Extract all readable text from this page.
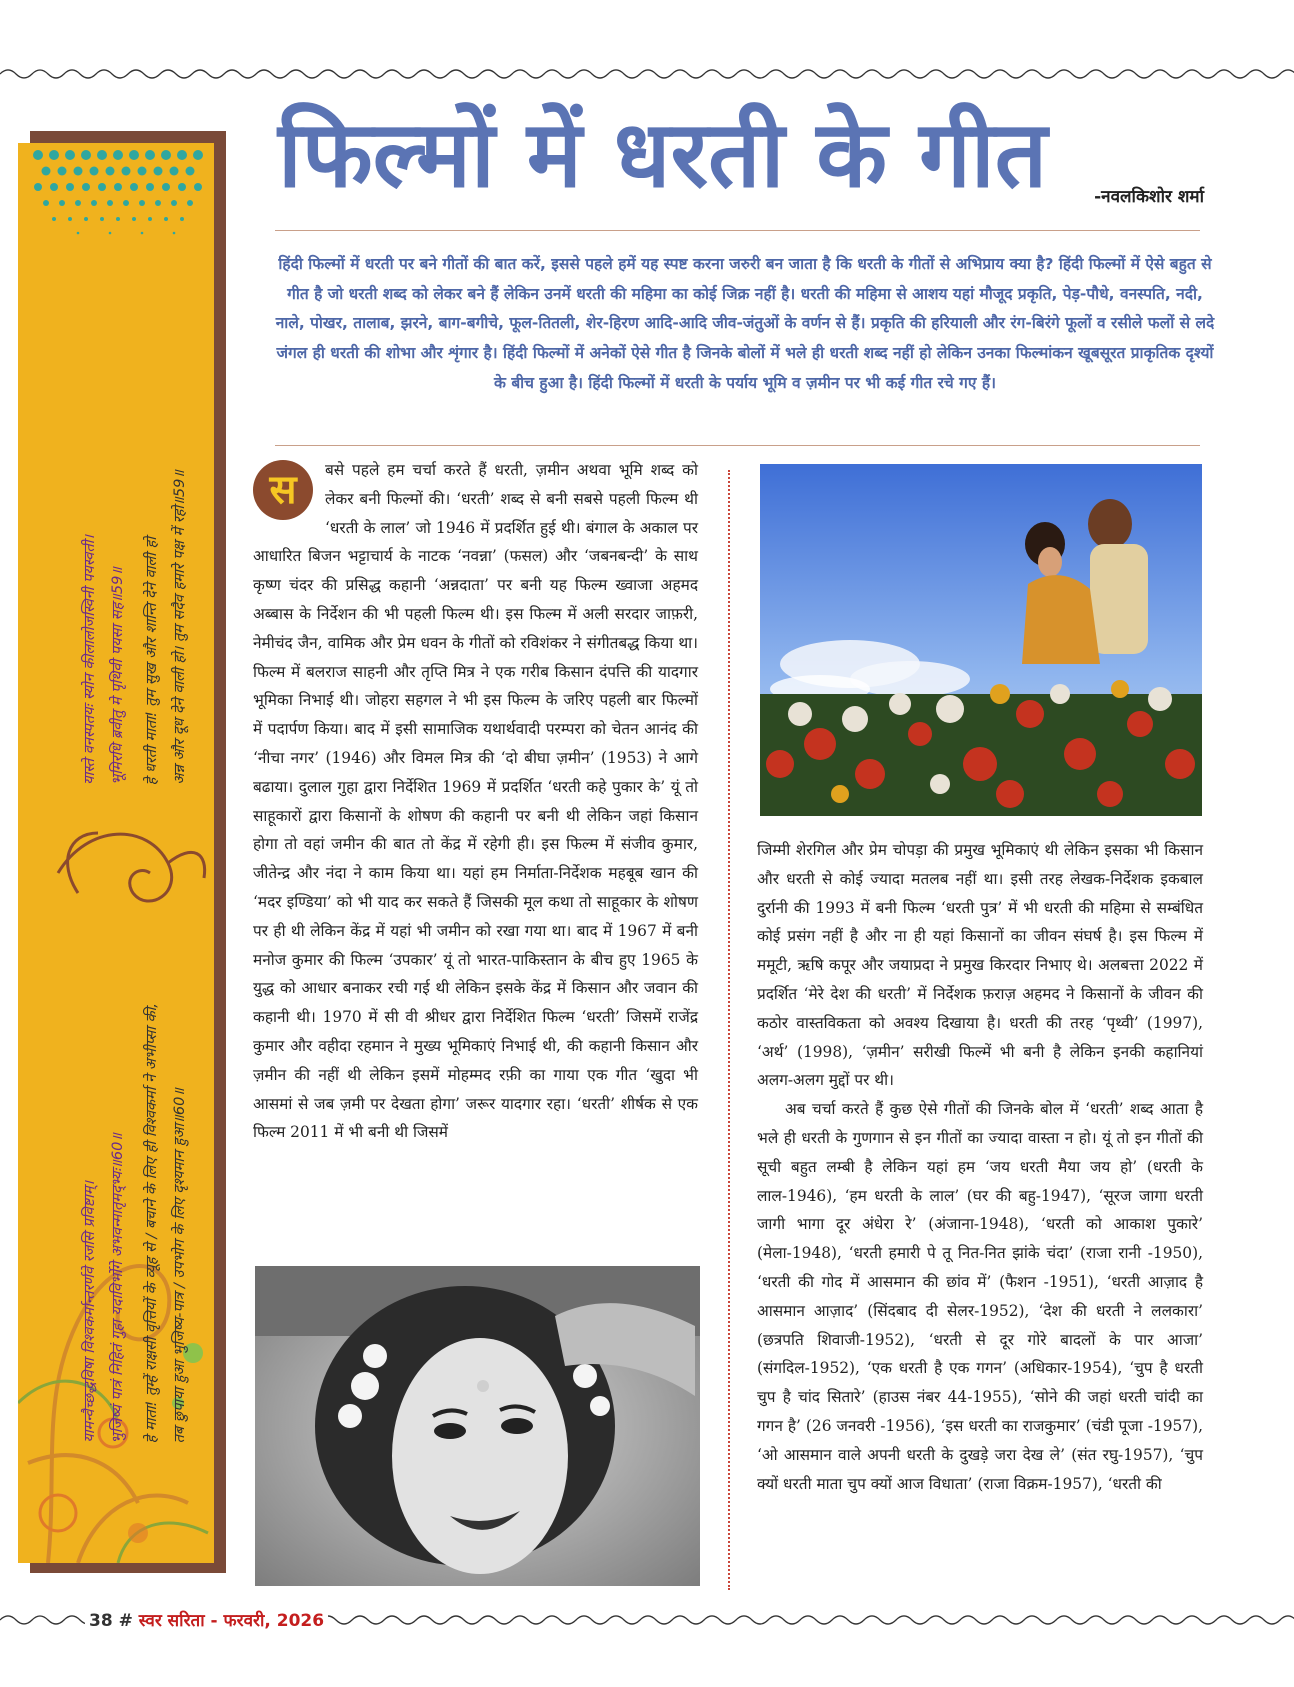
यास्ते वनस्पतयः स्योन कीलालोजस्विनी पयस्वती। भूमिरधि ब्रवीतु मे पृथिवी पयसा सह॥59॥ हे धरती माता! तुम सुख और शान्ति देने वाली हो अन्न और दूध देने वाली हो। तुम सदैव हमारे पक्ष में रहो॥59॥
यामन्वैच्छद्धविषा विश्वकर्मान्तरर्णवे रजसि प्रविष्टाम्। भुजिष्यं पात्रं निहितं गुहा यदाविर्भोगे अभवन्मातृमद्भ्यः॥60॥ हे माता! तुम्हें राक्षसी वृत्तियों के व्यूह से / बचाने के लिए ही विश्वकर्मा ने अभीप्सा की, तब छुपाया हुआ भुजिष्य-पात्र / उपभोग के लिए दृश्यमान हुआ॥60॥
फिल्मों में धरती के गीत	-नवलकिशोर शर्मा

हिंदी फिल्मों में धरती पर बने गीतों की बात करें, इससे पहले हमें यह स्पष्ट करना जरुरी बन जाता है कि धरती के गीतों से अभिप्राय क्या है? हिंदी फिल्मों में ऐसे बहुत से गीत है जो धरती शब्द को लेकर बने हैं लेकिन उनमें धरती की महिमा का कोई जिक्र नहीं है। धरती की महिमा से आशय यहां मौजूद प्रकृति, पेड़-पौधे, वनस्पति, नदी, नाले, पोखर, तालाब, झरने, बाग-बगीचे, फूल-तितली, शेर-हिरण आदि-आदि जीव-जंतुओं के वर्णन से हैं। प्रकृति की हरियाली और रंग-बिरंगे फूलों व रसीले फलों से लदे जंगल ही धरती की शोभा और शृंगार है। हिंदी फिल्मों में अनेकों ऐसे गीत है जिनके बोलों में भले ही धरती शब्द नहीं हो लेकिन उनका फिल्मांकन खूबसूरत प्राकृतिक दृश्यों के बीच हुआ है। हिंदी फिल्मों में धरती के पर्याय भूमि व ज़मीन पर भी कई गीत रचे गए हैं।

स	बसे पहले हम चर्चा करते हैं धरती, ज़मीन अथवा भूमि शब्द को लेकर बनी फिल्मों की। ‘धरती’ शब्द से बनी सबसे पहली फिल्म थी ‘धरती के लाल’ जो 1946 में प्रदर्शित हुई थी। बंगाल के अकाल पर आधारित बिजन भट्टाचार्य के नाटक ‘नवन्ना’ (फसल) और ‘जबनबन्दी’ के साथ कृष्ण चंदर की प्रसिद्ध कहानी ‘अन्नदाता’ पर बनी यह फिल्म ख्वाजा अहमद अब्बास के निर्देशन की भी पहली फिल्म थी। इस फिल्म में अली सरदार जाफ़री, नेमीचंद जैन, वामिक और प्रेम धवन के गीतों को रविशंकर ने संगीतबद्ध किया था। फिल्म में बलराज साहनी और तृप्ति मित्र ने एक गरीब किसान दंपत्ति की यादगार भूमिका निभाई थी। जोहरा सहगल ने भी इस फिल्म के जरिए पहली बार फिल्मों में पदार्पण किया। बाद में इसी सामाजिक यथार्थवादी परम्परा को चेतन आनंद की ‘नीचा नगर’ (1946) और विमल मित्र की ‘दो बीघा ज़मीन’ (1953) ने आगे बढाया। दुलाल गुहा द्वारा निर्देशित 1969 में प्रदर्शित ‘धरती कहे पुकार के’ यूं तो साहूकारों द्वारा किसानों के शोषण की कहानी पर बनी थी लेकिन जहां किसान होगा तो वहां जमीन की बात तो केंद्र में रहेगी ही। इस फिल्म में संजीव कुमार, जीतेन्द्र और नंदा ने काम किया था। यहां हम निर्माता-निर्देशक महबूब खान की ‘मदर इण्डिया’ को भी याद कर सकते हैं जिसकी मूल कथा तो साहूकार के शोषण पर ही थी लेकिन केंद्र में यहां भी जमीन को रखा गया था। बाद में 1967 में बनी मनोज कुमार की फिल्म ‘उपकार’ यूं तो भारत-पाकिस्तान के बीच हुए 1965 के युद्ध को आधार बनाकर रची गई थी लेकिन इसके केंद्र में किसान और जवान की कहानी थी। 1970 में सी वी श्रीधर द्वारा निर्देशित फिल्म ‘धरती’ जिसमें राजेंद्र कुमार और वहीदा रहमान ने मुख्य भूमिकाएं निभाई थी, की कहानी किसान और ज़मीन की नहीं थी लेकिन इसमें मोहम्मद रफ़ी का गाया एक गीत ‘खुदा भी आसमां से जब ज़मी पर देखता होगा’ जरूर यादगार रहा। ‘धरती’ शीर्षक से एक फिल्म 2011 में भी बनी थी जिसमें

जिम्मी शेरगिल और प्रेम चोपड़ा की प्रमुख भूमिकाएं थी लेकिन इसका भी किसान और धरती से कोई ज्यादा मतलब नहीं था। इसी तरह लेखक-निर्देशक इकबाल दुर्रानी की 1993 में बनी फिल्म ‘धरती पुत्र’ में भी धरती की महिमा से सम्बंधित कोई प्रसंग नहीं है और ना ही यहां किसानों का जीवन संघर्ष है। इस फिल्म में ममूटी, ऋषि कपूर और जयाप्रदा ने प्रमुख किरदार निभाए थे। अलबत्ता 2022 में प्रदर्शित ‘मेरे देश की धरती’ में निर्देशक फ़राज़ अहमद ने किसानों के जीवन की कठोर वास्तविकता को अवश्य दिखाया है। धरती की तरह ‘पृथ्वी’ (1997), ‘अर्थ’ (1998), ‘ज़मीन’ सरीखी फिल्में भी बनी है लेकिन इनकी कहानियां अलग-अलग मुद्दों पर थी।

अब चर्चा करते हैं कुछ ऐसे गीतों की जिनके बोल में ‘धरती’ शब्द आता है भले ही धरती के गुणगान से इन गीतों का ज्यादा वास्ता न हो। यूं तो इन गीतों की सूची बहुत लम्बी है लेकिन यहां हम ‘जय धरती मैया जय हो’ (धरती के लाल-1946), ‘हम धरती के लाल’ (घर की बहु-1947), ‘सूरज जागा धरती जागी भागा दूर अंधेरा रे’ (अंजाना-1948), ‘धरती को आकाश पुकारे’ (मेला-1948), ‘धरती हमारी पे तू नित-नित झांके चंदा’ (राजा रानी -1950), ‘धरती की गोद में आसमान की छांव में’ (फैशन -1951), ‘धरती आज़ाद है आसमान आज़ाद’ (सिंदबाद दी सेलर-1952), ‘देश की धरती ने ललकारा’ (छत्रपति शिवाजी-1952), ‘धरती से दूर गोरे बादलों के पार आजा’ (संगदिल-1952), ‘एक धरती है एक गगन’ (अधिकार-1954), ‘चुप है धरती चुप है चांद सितारे’ (हाउस नंबर 44-1955), ‘सोने की जहां धरती चांदी का गगन है’ (26 जनवरी -1956), ‘इस धरती का राजकुमार’ (चंडी पूजा -1957), ‘ओ आसमान वाले अपनी धरती के दुखड़े जरा देख ले’ (संत रघु-1957), ‘चुप क्यों धरती माता चुप क्यों आज विधाता’ (राजा विक्रम-1957), ‘धरती की

38 # स्वर सरिता - फरवरी, 2026
